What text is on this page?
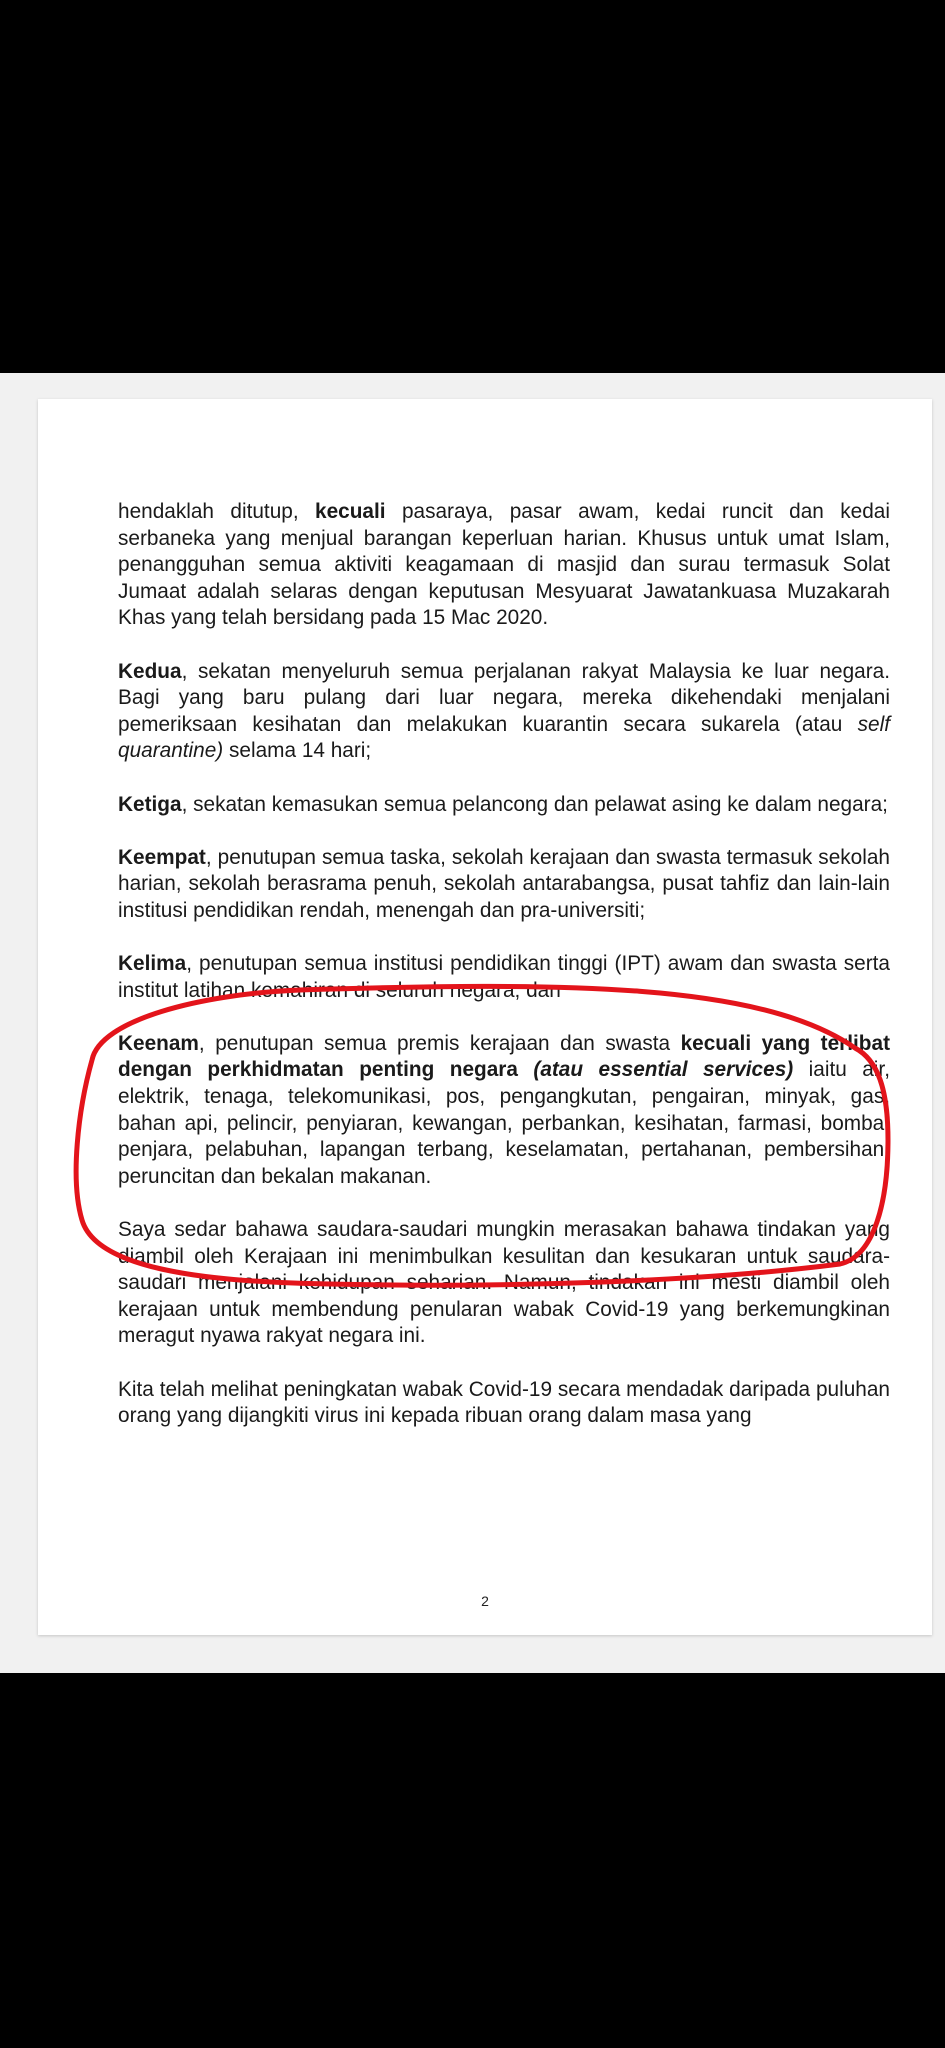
hendaklah ditutup, kecuali pasaraya, pasar awam, kedai runcit dan kedai serbaneka yang menjual barangan keperluan harian. Khusus untuk umat Islam, penangguhan semua aktiviti keagamaan di masjid dan surau termasuk Solat Jumaat adalah selaras dengan keputusan Mesyuarat Jawatankuasa Muzakarah Khas yang telah bersidang pada 15 Mac 2020.

Kedua, sekatan menyeluruh semua perjalanan rakyat Malaysia ke luar negara. Bagi yang baru pulang dari luar negara, mereka dikehendaki menjalani pemeriksaan kesihatan dan melakukan kuarantin secara sukarela (atau self quarantine) selama 14 hari;

Ketiga, sekatan kemasukan semua pelancong dan pelawat asing ke dalam negara;

Keempat, penutupan semua taska, sekolah kerajaan dan swasta termasuk sekolah harian, sekolah berasrama penuh, sekolah antarabangsa, pusat tahfiz dan lain-lain institusi pendidikan rendah, menengah dan pra-universiti;

Kelima, penutupan semua institusi pendidikan tinggi (IPT) awam dan swasta serta institut latihan kemahiran di seluruh negara; dan

Keenam, penutupan semua premis kerajaan dan swasta kecuali yang terlibat dengan perkhidmatan penting negara (atau essential services) iaitu air, elektrik, tenaga, telekomunikasi, pos, pengangkutan, pengairan, minyak, gas, bahan api, pelincir, penyiaran, kewangan, perbankan, kesihatan, farmasi, bomba, penjara, pelabuhan, lapangan terbang, keselamatan, pertahanan, pembersihan, peruncitan dan bekalan makanan.

Saya sedar bahawa saudara-saudari mungkin merasakan bahawa tindakan yang diambil oleh Kerajaan ini menimbulkan kesulitan dan kesukaran untuk saudara-saudari menjalani kehidupan seharian. Namun, tindakan ini mesti diambil oleh kerajaan untuk membendung penularan wabak Covid-19 yang berkemungkinan meragut nyawa rakyat negara ini.

Kita telah melihat peningkatan wabak Covid-19 secara mendadak daripada puluhan orang yang dijangkiti virus ini kepada ribuan orang dalam masa yang

2
